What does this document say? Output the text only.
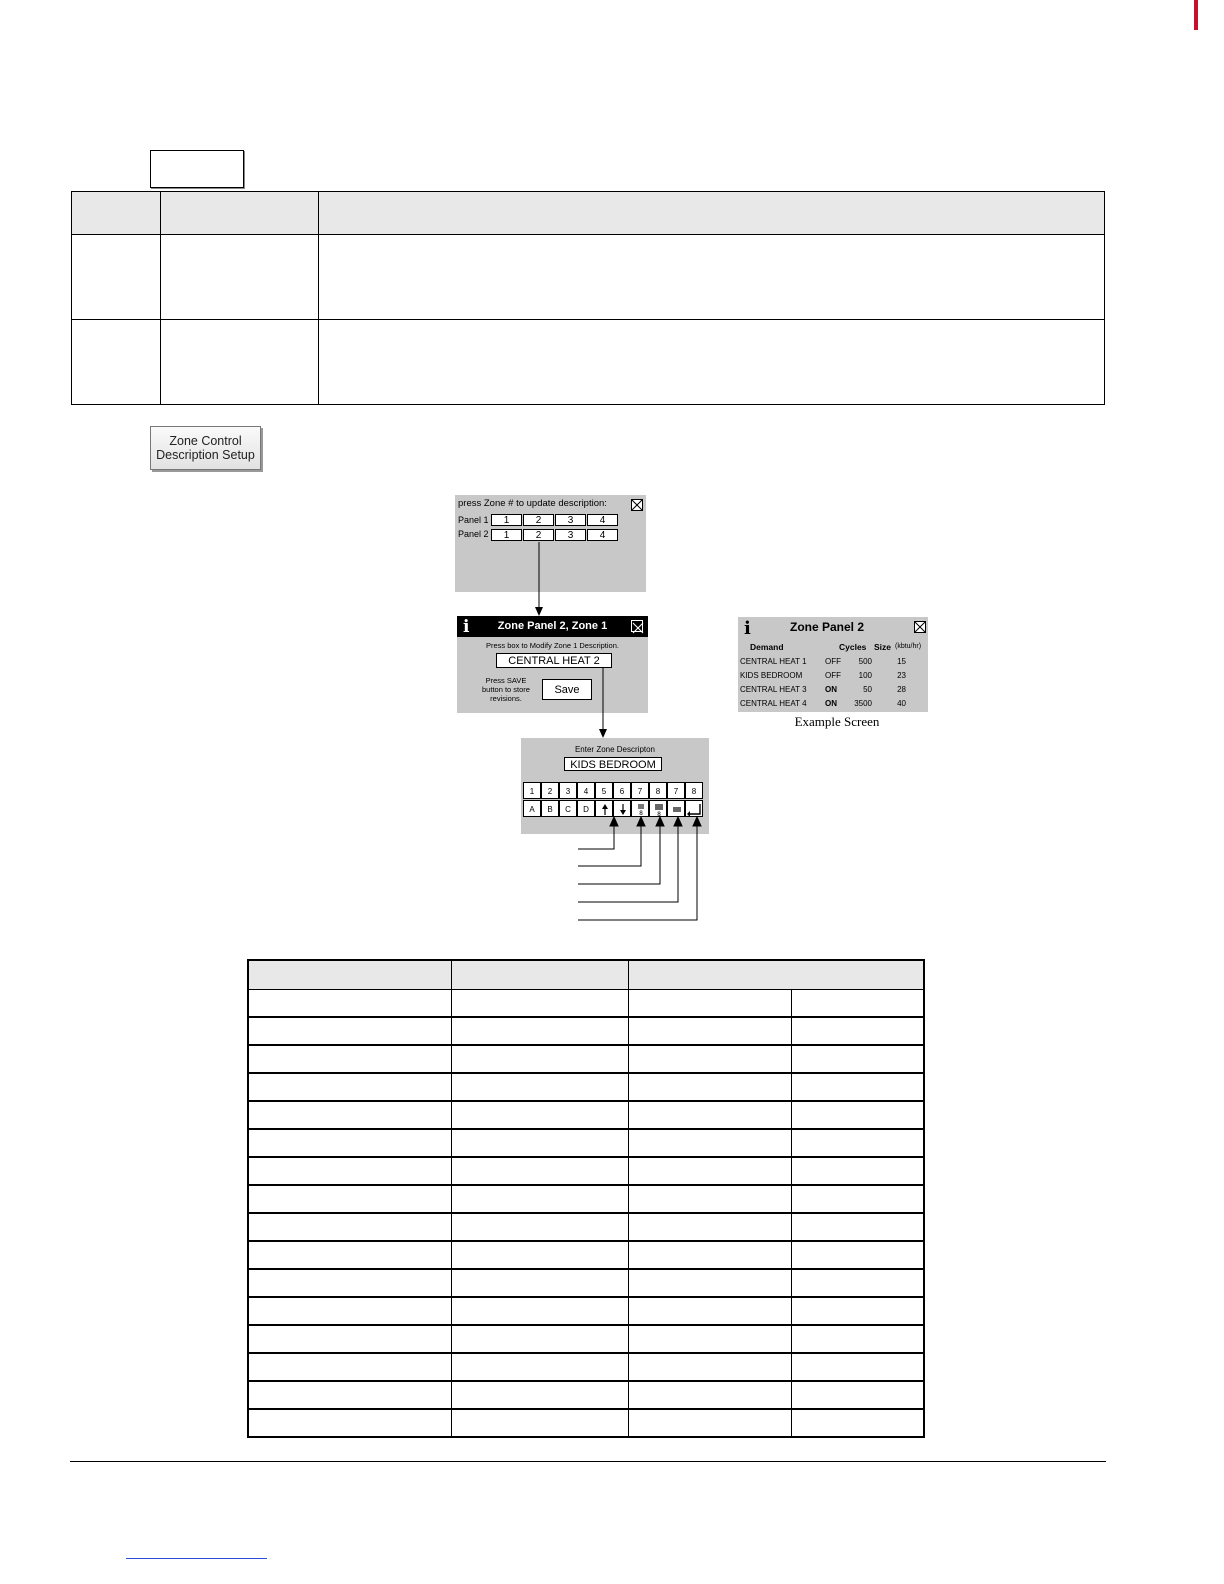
Zone Control
Description Setup
press Zone # to update description:
Panel 1
Panel 2
1	2	3	4
1	2	3	4
i	Zone Panel 2, Zone 1
Press box to Modify Zone 1 Description.
CENTRAL HEAT 2
Press SAVE
button to store
revisions.
Save
Enter Zone Descripton
KIDS BEDROOM
1	2	3	4	5	6	7	8	7	8
A	B	C	D	8 8
i	Zone Panel 2
Demand	Cycles Size (kbtu/hr)
CENTRAL HEAT 1 OFF	500	15
KIDS BEDROOM	OFF	100	23
CENTRAL HEAT 3 ON	50	28
CENTRAL HEAT 4 ON	3500	40
Example Screen
